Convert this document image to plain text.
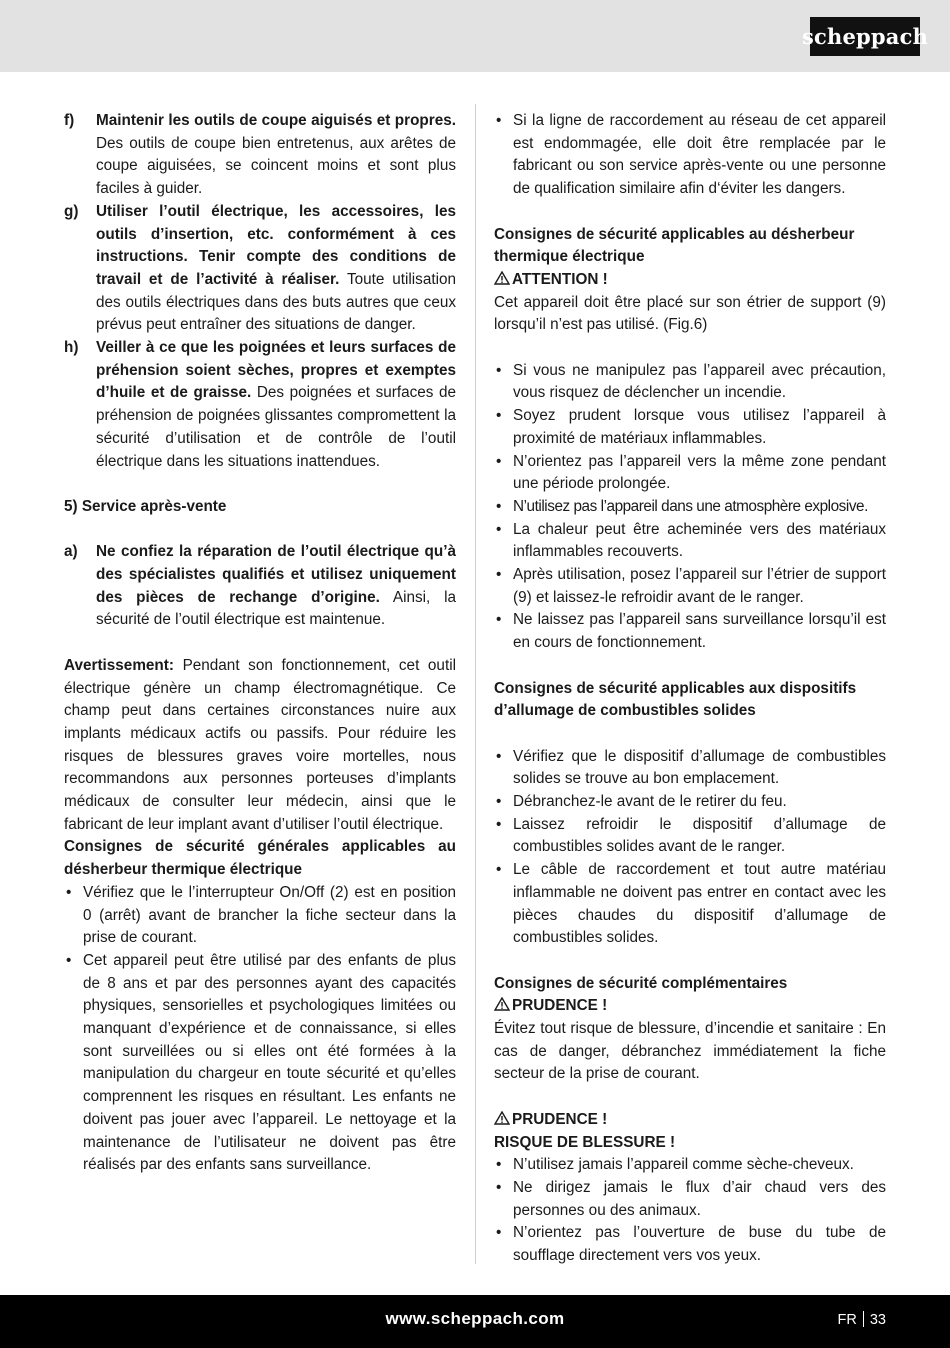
scheppach
f)	Maintenir les outils de coupe aiguisés et propres. Des outils de coupe bien entretenus, aux arêtes de coupe aiguisées, se coincent moins et sont plus faciles à guider.
g)	Utiliser l’outil électrique, les accessoires, les outils d’insertion, etc. conformément à ces instructions. Tenir compte des conditions de travail et de l’activité à réaliser. Toute utilisation des outils électriques dans des buts autres que ceux prévus peut entraîner des situations de danger.
h)	Veiller à ce que les poignées et leurs surfaces de préhension soient sèches, propres et exemptes d’huile et de graisse. Des poignées et surfaces de préhension de poignées glissantes compromettent la sécurité d’utilisation et de contrôle de l’outil électrique dans les situations inattendues.
5) Service après-vente
a)	Ne confiez la réparation de l’outil électrique qu’à des spécialistes qualifiés et utilisez uniquement des pièces de rechange d’origine. Ainsi, la sécurité de l’outil électrique est maintenue.
Avertissement: Pendant son fonctionnement, cet outil électrique génère un champ électromagnétique. Ce champ peut dans certaines circonstances nuire aux implants médicaux actifs ou passifs. Pour réduire les risques de blessures graves voire mortelles, nous recommandons aux personnes porteuses d’implants médicaux de consulter leur médecin, ainsi que le fabricant de leur implant avant d’utiliser l’outil électrique.
Consignes de sécurité générales applicables au désherbeur thermique électrique
• Vérifiez que le l’interrupteur On/Off (2) est en position 0 (arrêt) avant de brancher la fiche secteur dans la prise de courant.
• Cet appareil peut être utilisé par des enfants de plus de 8 ans et par des personnes ayant des capacités physiques, sensorielles et psychologiques limitées ou manquant d’expérience et de connaissance, si elles sont surveillées ou si elles ont été formées à la manipulation du chargeur en toute sécurité et qu’elles comprennent les risques en résultant. Les enfants ne doivent pas jouer avec l’appareil. Le nettoyage et la maintenance de l’utilisateur ne doivent pas être réalisés par des enfants sans surveillance.
• Si la ligne de raccordement au réseau de cet appareil est endommagée, elle doit être remplacée par le fabricant ou son service après-vente ou une personne de qualification similaire afin d‘éviter les dangers.
Consignes de sécurité applicables au désherbeur thermique électrique
ATTENTION !
Cet appareil doit être placé sur son étrier de support (9) lorsqu’il n’est pas utilisé. (Fig.6)
• Si vous ne manipulez pas l’appareil avec précaution, vous risquez de déclencher un incendie.
• Soyez prudent lorsque vous utilisez l’appareil à proximité de matériaux inflammables.
• N’orientez pas l’appareil vers la même zone pendant une période prolongée.
• N’utilisez pas l’appareil dans une atmosphère explosive.
• La chaleur peut être acheminée vers des matériaux inflammables recouverts.
• Après utilisation, posez l’appareil sur l’étrier de support (9) et laissez-le refroidir avant de le ranger.
• Ne laissez pas l’appareil sans surveillance lorsqu’il est en cours de fonctionnement.
Consignes de sécurité applicables aux dispositifs d’allumage de combustibles solides
• Vérifiez que le dispositif d’allumage de combustibles solides se trouve au bon emplacement.
• Débranchez-le avant de le retirer du feu.
• Laissez refroidir le dispositif d’allumage de combustibles solides avant de le ranger.
• Le câble de raccordement et tout autre matériau inflammable ne doivent pas entrer en contact avec les pièces chaudes du dispositif d’allumage de combustibles solides.
Consignes de sécurité complémentaires
PRUDENCE !
Évitez tout risque de blessure, d’incendie et sanitaire : En cas de danger, débranchez immédiatement la fiche secteur de la prise de courant.
PRUDENCE !
RISQUE DE BLESSURE !
• N’utilisez jamais l’appareil comme sèche-cheveux.
• Ne dirigez jamais le flux d’air chaud vers des personnes ou des animaux.
• N’orientez pas l’ouverture de buse du tube de soufflage directement vers vos yeux.
www.scheppach.com	FR 33
